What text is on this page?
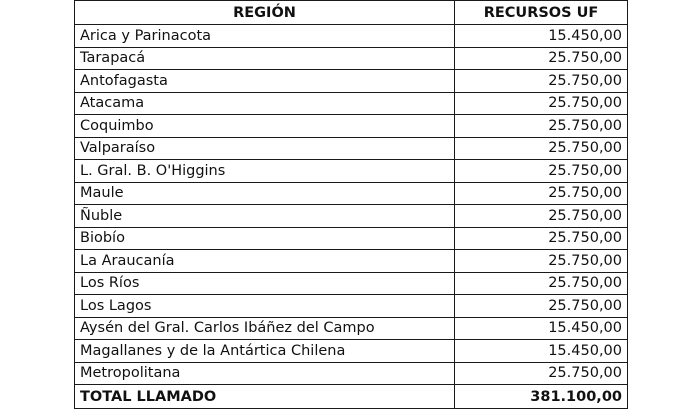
REGIÓN	RECURSOS UF
Arica y Parinacota	15.450,00
Tarapacá	25.750,00
Antofagasta	25.750,00
Atacama	25.750,00
Coquimbo	25.750,00
Valparaíso	25.750,00
L. Gral. B. O'Higgins	25.750,00
Maule	25.750,00
Ñuble	25.750,00
Biobío	25.750,00
La Araucanía	25.750,00
Los Ríos	25.750,00
Los Lagos	25.750,00
Aysén del Gral. Carlos Ibáñez del Campo	15.450,00
Magallanes y de la Antártica Chilena	15.450,00
Metropolitana	25.750,00
TOTAL LLAMADO	381.100,00
